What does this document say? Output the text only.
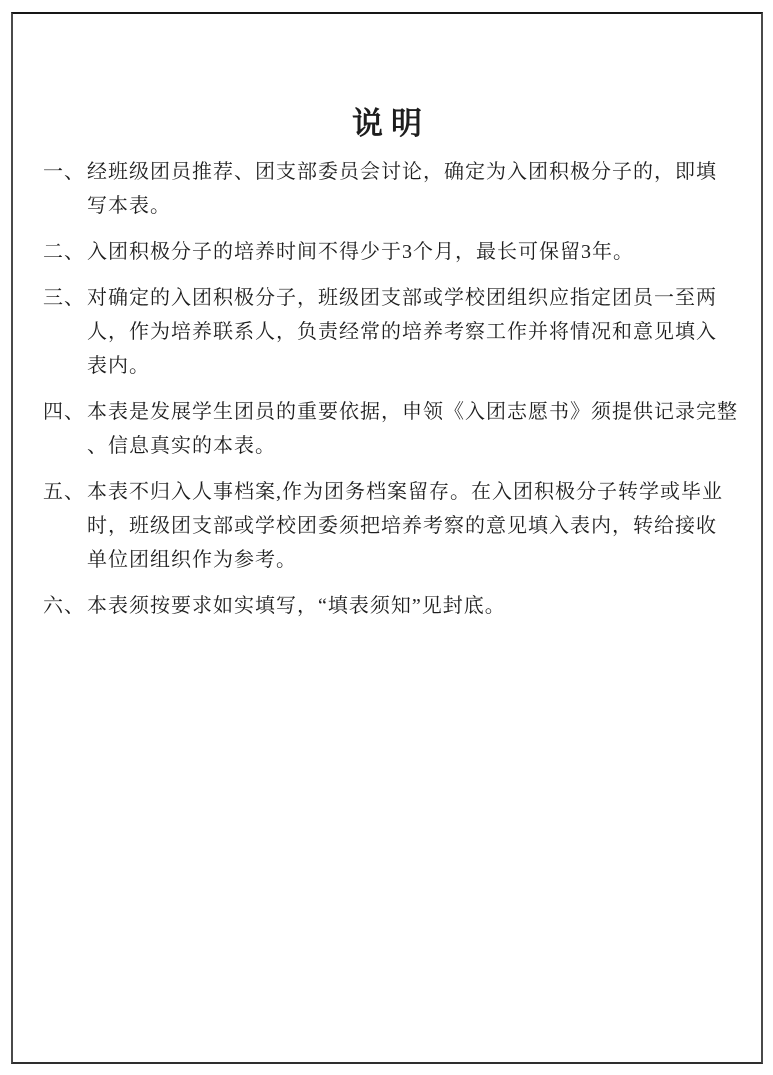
说明
一、 经班级团员推荐、团支部委员会讨论，确定为入团积极分子的，即填
写本表。
二、 入团积极分子的培养时间不得少于3个月，最长可保留3年。
三、 对确定的入团积极分子，班级团支部或学校团组织应指定团员一至两
人，作为培养联系人，负责经常的培养考察工作并将情况和意见填入
表内。
四、 本表是发展学生团员的重要依据，申领《入团志愿书》须提供记录完整
、信息真实的本表。
五、 本表不归入人事档案,作为团务档案留存。在入团积极分子转学或毕业
时，班级团支部或学校团委须把培养考察的意见填入表内，转给接收
单位团组织作为参考。
六、 本表须按要求如实填写，“填表须知”见封底。
